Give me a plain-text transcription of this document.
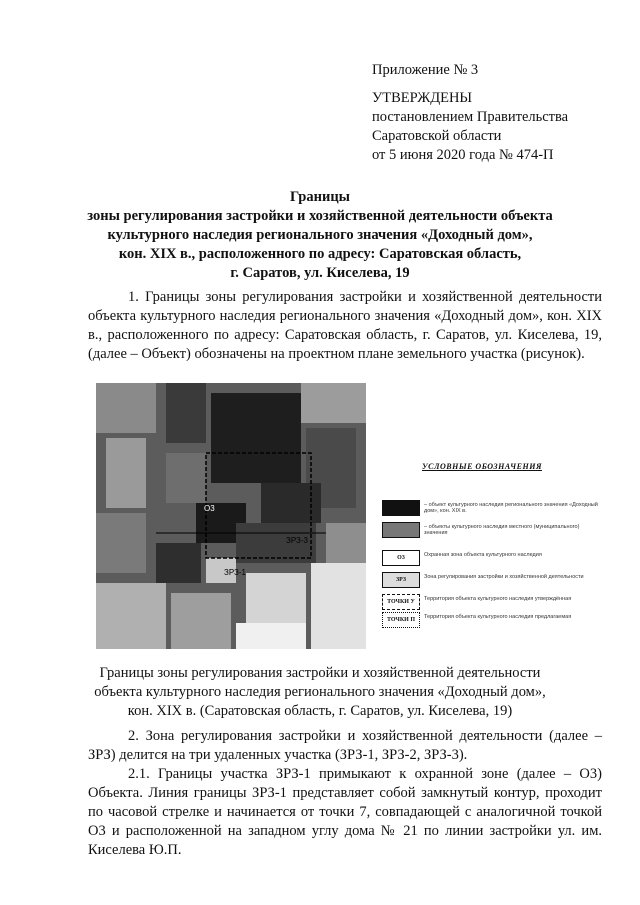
Приложение № 3
УТВЕРЖДЕНЫ
постановлением Правительства
Саратовской области
от 5 июня 2020 года № 474-П
Границы
зоны регулирования застройки и хозяйственной деятельности объекта
культурного наследия регионального значения «Доходный дом»,
кон. XIX в., расположенного по адресу: Саратовская область,
г. Саратов, ул. Киселева, 19

1. Границы зоны регулирования застройки и хозяйственной деятельности объекта культурного наследия регионального значения «Доходный дом», кон. XIX в., расположенного по адресу: Саратовская область, г. Саратов, ул. Киселева, 19, (далее – Объект) обозначены на проектном плане земельного участка (рисунок).

О3
ЗРЗ-1
ЗРЗ-3
УСЛОВНЫЕ ОБОЗНАЧЕНИЯ
– объект культурного наследия регионального значения «Доходный дом», кон. XIX в.
– объекты культурного наследия местного (муниципального) значения
О3	Охранная зона объекта культурного наследия
ЗРЗ	Зона регулирования застройки и хозяйственной деятельности
ТОЧКИ У	Территория объекта культурного наследия утверждённая
ТОЧКИ П	Территория объекта культурного наследия предлагаемая
Границы зоны регулирования застройки и хозяйственной деятельности
объекта культурного наследия регионального значения «Доходный дом»,
кон. XIX в. (Саратовская область, г. Саратов, ул. Киселева, 19)

2. Зона регулирования застройки и хозяйственной деятельности (далее – ЗРЗ) делится на три удаленных участка (ЗРЗ-1, ЗРЗ-2, ЗРЗ-3).

2.1. Границы участка ЗРЗ-1 примыкают к охранной зоне (далее – О3) Объекта. Линия границы ЗРЗ-1 представляет собой замкнутый контур, проходит по часовой стрелке и начинается от точки 7, совпадающей с аналогичной точкой О3 и расположенной на западном углу дома № 21 по линии застройки ул. им. Киселева Ю.П.
